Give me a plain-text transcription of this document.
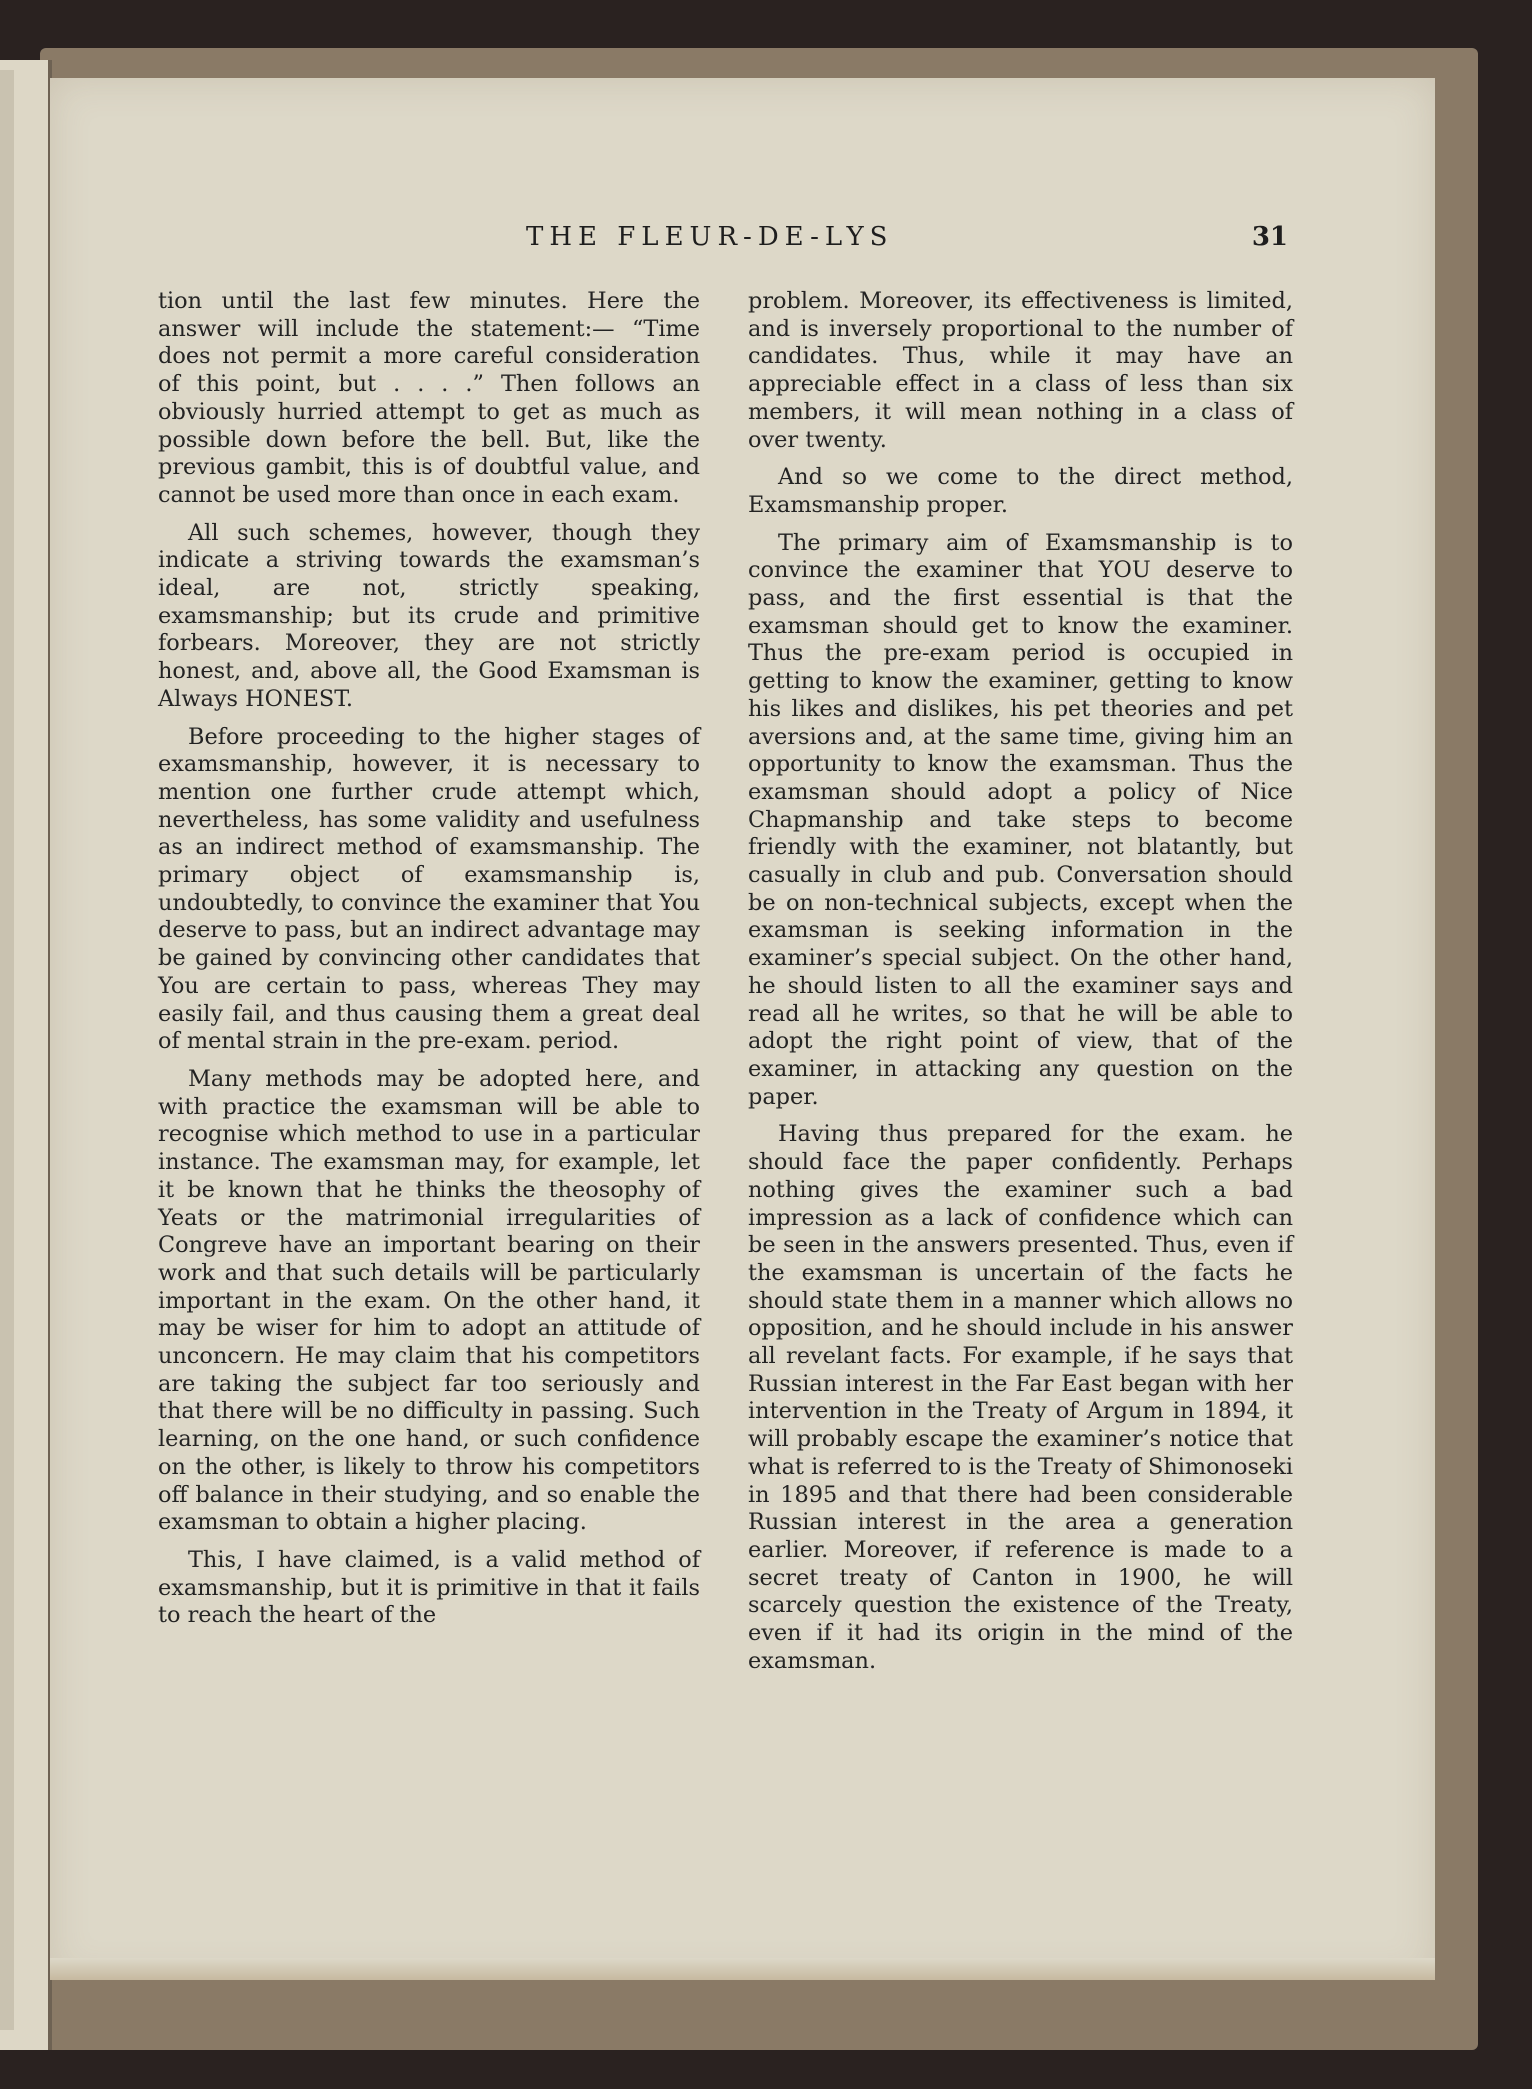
THE FLEUR-DE-LYS	31

tion until the last few minutes. Here the answer will include the statement:— “Time does not permit a more careful consideration of this point, but . . . .” Then follows an obviously hurried attempt to get as much as possible down before the bell. But, like the previous gambit, this is of doubtful value, and cannot be used more than once in each exam.

All such schemes, however, though they indicate a striving towards the examsman’s ideal, are not, strictly speaking, examsmanship; but its crude and primitive forbears. Moreover, they are not strictly honest, and, above all, the Good Examsman is Always HONEST.

Before proceeding to the higher stages of examsmanship, however, it is necessary to mention one further crude attempt which, nevertheless, has some validity and usefulness as an indirect method of examsmanship. The primary object of examsmanship is, undoubtedly, to convince the examiner that You deserve to pass, but an indirect advantage may be gained by convincing other candidates that You are certain to pass, whereas They may easily fail, and thus causing them a great deal of mental strain in the pre-exam. period.

Many methods may be adopted here, and with practice the examsman will be able to recognise which method to use in a particular instance. The examsman may, for example, let it be known that he thinks the theosophy of Yeats or the matrimonial irregularities of Congreve have an important bearing on their work and that such details will be particularly important in the exam. On the other hand, it may be wiser for him to adopt an attitude of unconcern. He may claim that his competitors are taking the subject far too seriously and that there will be no difficulty in passing. Such learning, on the one hand, or such confidence on the other, is likely to throw his competitors off balance in their studying, and so enable the examsman to obtain a higher placing.

This, I have claimed, is a valid method of examsmanship, but it is primitive in that it fails to reach the heart of the

problem. Moreover, its effectiveness is limited, and is inversely proportional to the number of candidates. Thus, while it may have an appreciable effect in a class of less than six members, it will mean nothing in a class of over twenty.

And so we come to the direct method, Examsmanship proper.

The primary aim of Examsmanship is to convince the examiner that YOU deserve to pass, and the first essential is that the examsman should get to know the examiner. Thus the pre-exam period is occupied in getting to know the examiner, getting to know his likes and dislikes, his pet theories and pet aversions and, at the same time, giving him an opportunity to know the examsman. Thus the examsman should adopt a policy of Nice Chapmanship and take steps to become friendly with the examiner, not blatantly, but casually in club and pub. Conversation should be on non-technical subjects, except when the examsman is seeking information in the examiner’s special subject. On the other hand, he should listen to all the examiner says and read all he writes, so that he will be able to adopt the right point of view, that of the examiner, in attacking any question on the paper.

Having thus prepared for the exam. he should face the paper confidently. Perhaps nothing gives the examiner such a bad impression as a lack of confidence which can be seen in the answers presented. Thus, even if the examsman is uncertain of the facts he should state them in a manner which allows no opposition, and he should include in his answer all revelant facts. For example, if he says that Russian interest in the Far East began with her intervention in the Treaty of Argum in 1894, it will probably escape the examiner’s notice that what is referred to is the Treaty of Shimonoseki in 1895 and that there had been considerable Russian interest in the area a generation earlier. Moreover, if reference is made to a secret treaty of Canton in 1900, he will scarcely question the existence of the Treaty, even if it had its origin in the mind of the examsman.
